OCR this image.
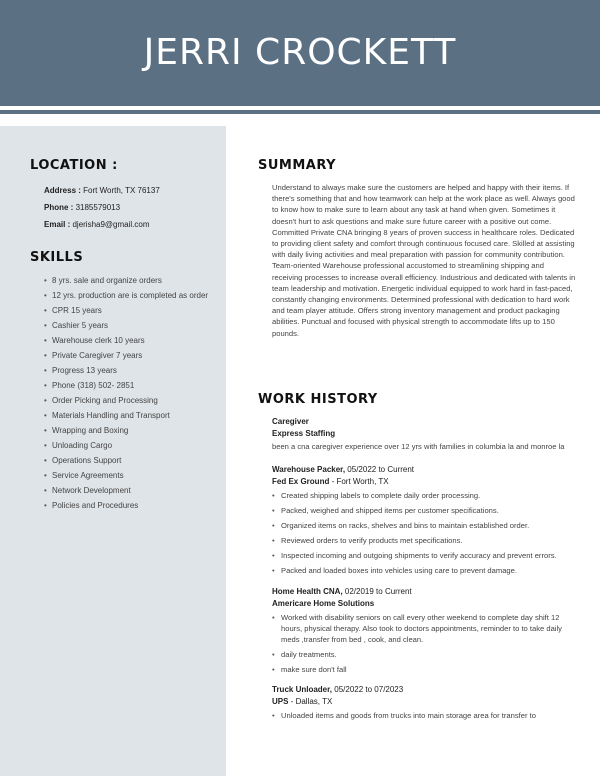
JERRI CROCKETT
LOCATION :
Address : Fort Worth, TX 76137
Phone : 3185579013
Email : djerisha9@gmail.com
SKILLS
• 8 yrs. sale and organize orders
• 12 yrs. production are is completed as order
• CPR 15 years
• Cashier 5 years
• Warehouse clerk 10 years
• Private Caregiver 7 years
• Progress 13 years
• Phone (318) 502- 2851
• Order Picking and Processing
• Materials Handling and Transport
• Wrapping and Boxing
• Unloading Cargo
• Operations Support
• Service Agreements
• Network Development
• Policies and Procedures
SUMMARY
Understand to always make sure the customers are helped and happy with their items. If there's something that and how teamwork can help at the work place as well. Always good to know how to make sure to learn about any task at hand when given. Sometimes it doesn't hurt to ask questions and make sure future career with a positive out come. Committed Private CNA bringing 8 years of proven success in healthcare roles. Dedicated to providing client safety and comfort through continuous focused care. Skilled at assisting with daily living activities and meal preparation with passion for community contribution. Team-oriented Warehouse professional accustomed to streamlining shipping and receiving processes to increase overall efficiency. Industrious and dedicated with talents in team leadership and motivation. Energetic individual equipped to work hard in fast-paced, constantly changing environments. Determined professional with dedication to hard work and team player attitude. Offers strong inventory management and product packaging abilities. Punctual and focused with physical strength to accommodate lifts up to 150 pounds.
WORK HISTORY
Caregiver
Express Staffing
been a cna caregiver experience over 12 yrs with families in columbia la and monroe la
Warehouse Packer, 05/2022 to Current
Fed Ex Ground - Fort Worth, TX
• Created shipping labels to complete daily order processing.
• Packed, weighed and shipped items per customer specifications.
• Organized items on racks, shelves and bins to maintain established order.
• Reviewed orders to verify products met specifications.
• Inspected incoming and outgoing shipments to verify accuracy and prevent errors.
• Packed and loaded boxes into vehicles using care to prevent damage.
Home Health CNA, 02/2019 to Current
Americare Home Solutions
• Worked with disability seniors on call every other weekend to complete day shift 12 hours, physical therapy. Also took to doctors appointments, reminder to to take daily meds ,transfer from bed , cook, and clean.
• daily treatments.
• make sure don't fall
Truck Unloader, 05/2022 to 07/2023
UPS - Dallas, TX
• Unloaded items and goods from trucks into main storage area for transfer to
